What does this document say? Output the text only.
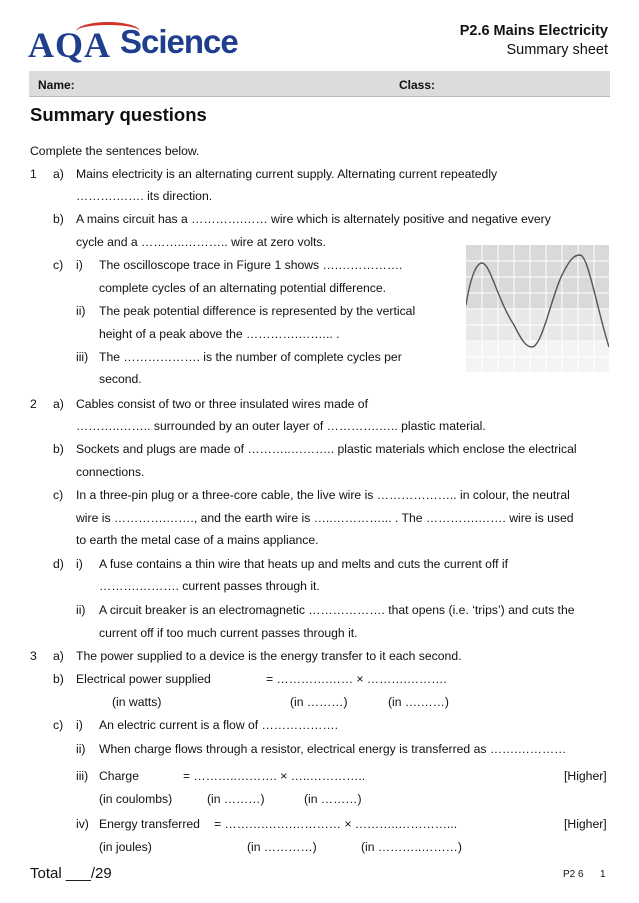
AQA Science	P2.6 Mains Electricity
Summary sheet
Name:	Class:
Summary questions
Complete the sentences below.
1 a) Mains electricity is an alternating current supply. Alternating current repeatedly
……….……. its direction.
b) A mains circuit has a ………….…… wire which is alternately positive and negative every
cycle and a ………..……….. wire at zero volts.
c) i) The oscilloscope trace in Figure 1 shows ….…………….
complete cycles of an alternating potential difference.
ii) The peak potential difference is represented by the vertical
height of a peak above the ………….……... .
iii) The ………………. is the number of complete cycles per
second.
2 a) Cables consist of two or three insulated wires made of
………..…….. surrounded by an outer layer of ………….….. plastic material.
b) Sockets and plugs are made of ………..……….. plastic materials which enclose the electrical
connections.
c) In a three-pin plug or a three-core cable, the live wire is ……………….. in colour, the neutral
wire is ………….……., and the earth wire is …..…………... . The ………….……. wire is used
to earth the metal case of a mains appliance.
d) i) A fuse contains a thin wire that heats up and melts and cuts the current off if
……….………. current passes through it.
ii) A circuit breaker is an electromagnetic ………………. that opens (i.e. ‘trips’) and cuts the
current off if too much current passes through it.
3 a) The power supplied to a device is the energy transfer to it each second.
b) Electrical power supplied	= ………….…… × ……….……….
(in watts)	(in ………)	(in ….……)
c) i) An electric current is a flow of ……………….
ii) When charge flows through a resistor, electrical energy is transferred as …….…………
iii) Charge	= ………..………. × …..…………..	[Higher]
(in coulombs)	(in ………)	(in ………)
iv) Energy transferred = ……….…….………… × ………..…………...	[Higher]
(in joules)	(in …………)	(in ………..………)
Total ___/29	P2 6 1
